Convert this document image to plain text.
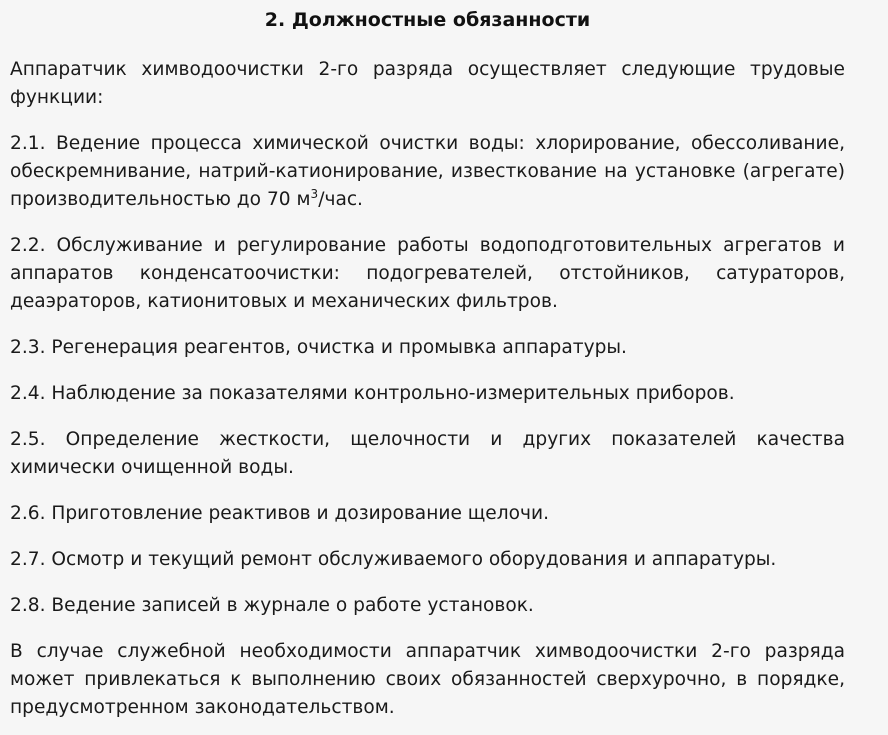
2. Должностные обязанности

Аппаратчик химводоочистки 2-го разряда осуществляет следующие трудовые функции:

2.1. Ведение процесса химической очистки воды: хлорирование, обессоливание, обескремнивание, натрий-катионирование, известкование на установке (агрегате) производительностью до 70 $м^3$/час.

2.2. Обслуживание и регулирование работы водоподготовительных агрегатов и аппаратов конденсатоочистки: подогревателей, отстойников, сатураторов, деаэраторов, катионитовых и механических фильтров.

2.3. Регенерация реагентов, очистка и промывка аппаратуры.

2.4. Наблюдение за показателями контрольно-измерительных приборов.

2.5. Определение жесткости, щелочности и других показателей качества химически очищенной воды.

2.6. Приготовление реактивов и дозирование щелочи.

2.7. Осмотр и текущий ремонт обслуживаемого оборудования и аппаратуры.

2.8. Ведение записей в журнале о работе установок.

В случае служебной необходимости аппаратчик химводоочистки 2-го разряда может привлекаться к выполнению своих обязанностей сверхурочно, в порядке, предусмотренном законодательством.
